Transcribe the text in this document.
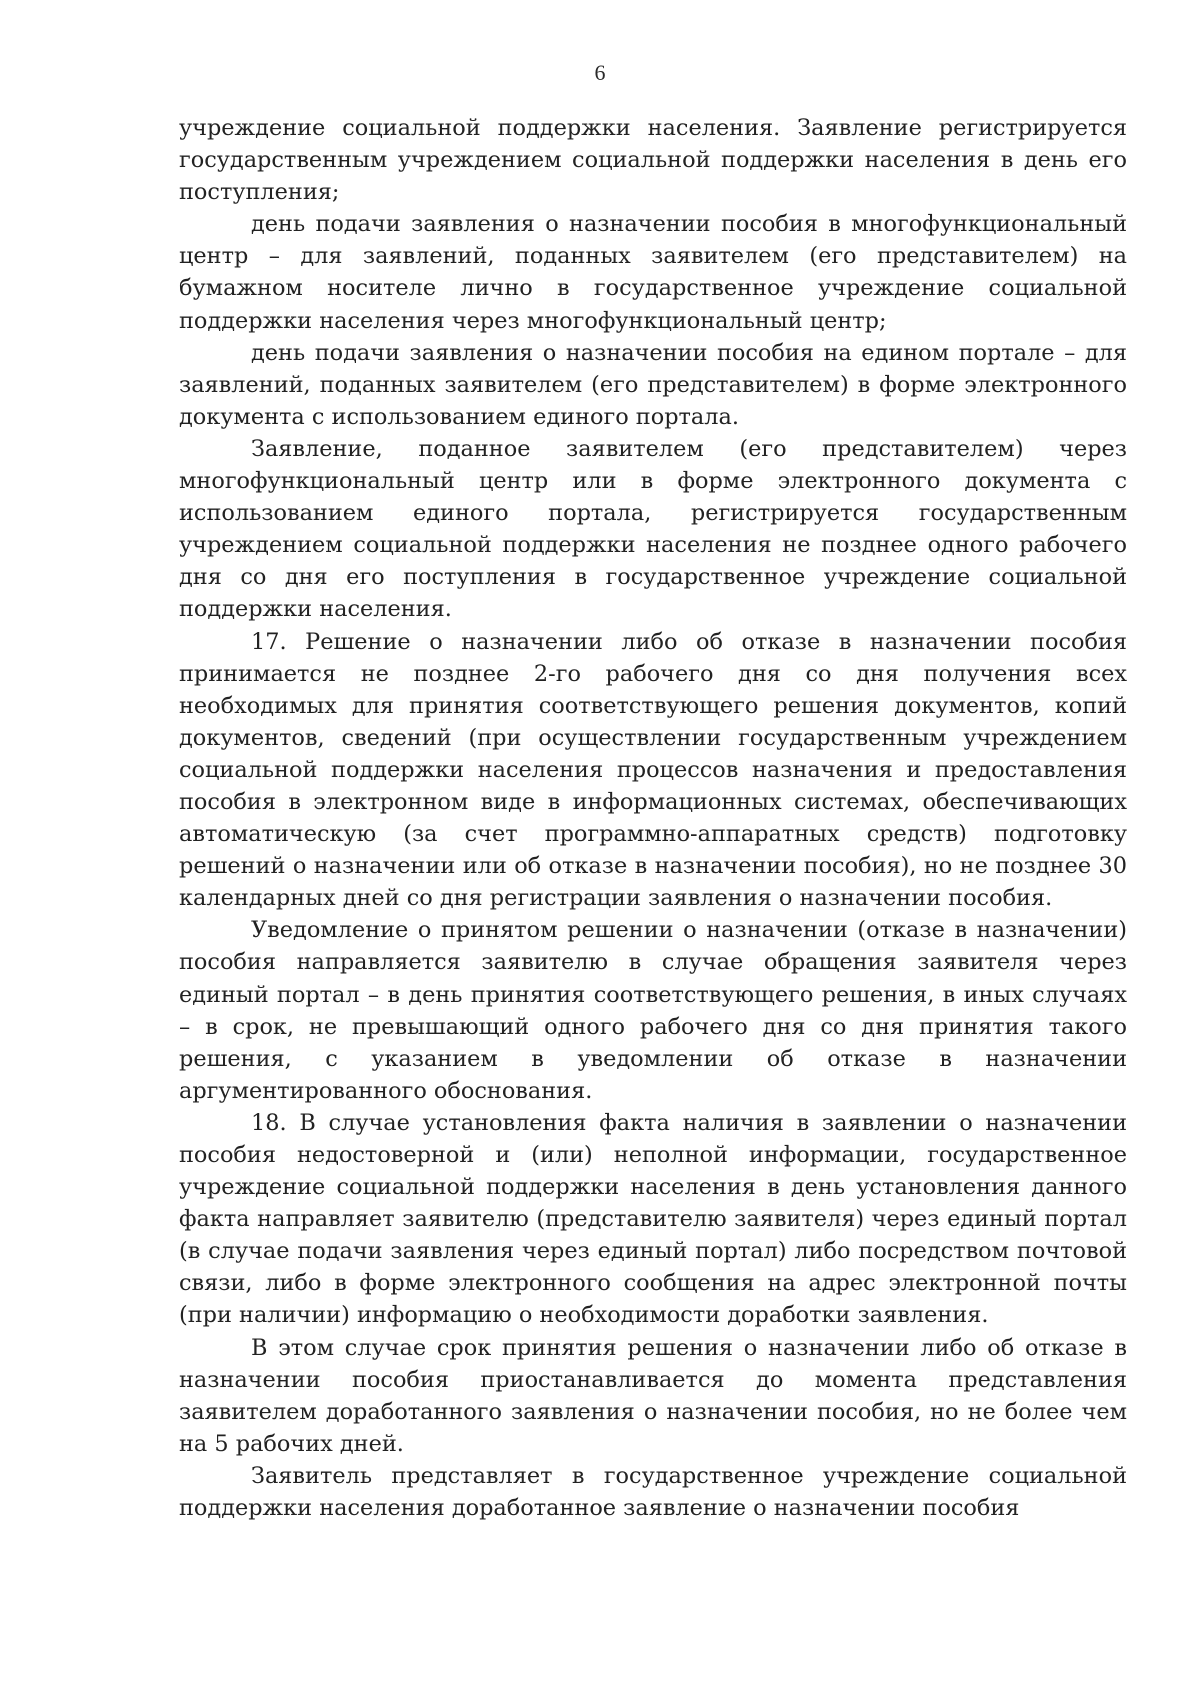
6

учреждение социальной поддержки населения. Заявление регистрируется государственным учреждением социальной поддержки населения в день его поступления;

день подачи заявления о назначении пособия в многофункциональный центр – для заявлений, поданных заявителем (его представителем) на бумажном носителе лично в государственное учреждение социальной поддержки населения через многофункциональный центр;

день подачи заявления о назначении пособия на едином портале – для заявлений, поданных заявителем (его представителем) в форме электронного документа с использованием единого портала.

Заявление, поданное заявителем (его представителем) через многофункциональный центр или в форме электронного документа с использованием единого портала, регистрируется государственным учреждением социальной поддержки населения не позднее одного рабочего дня со дня его поступления в государственное учреждение социальной поддержки населения.

17. Решение о назначении либо об отказе в назначении пособия принимается не позднее 2-го рабочего дня со дня получения всех необходимых для принятия соответствующего решения документов, копий документов, сведений (при осуществлении государственным учреждением социальной поддержки населения процессов назначения и предоставления пособия в электронном виде в информационных системах, обеспечивающих автоматическую (за счет программно-аппаратных средств) подготовку решений о назначении или об отказе в назначении пособия), но не позднее 30 календарных дней со дня регистрации заявления о назначении пособия.

Уведомление о принятом решении о назначении (отказе в назначении) пособия направляется заявителю в случае обращения заявителя через единый портал – в день принятия соответствующего решения, в иных случаях – в срок, не превышающий одного рабочего дня со дня принятия такого решения, с указанием в уведомлении об отказе в назначении аргументированного обоснования.

18. В случае установления факта наличия в заявлении о назначении пособия недостоверной и (или) неполной информации, государственное учреждение социальной поддержки населения в день установления данного факта направляет заявителю (представителю заявителя) через единый портал (в случае подачи заявления через единый портал) либо посредством почтовой связи, либо в форме электронного сообщения на адрес электронной почты (при наличии) информацию о необходимости доработки заявления.

В этом случае срок принятия решения о назначении либо об отказе в назначении пособия приостанавливается до момента представления заявителем доработанного заявления о назначении пособия, но не более чем на 5 рабочих дней.

Заявитель представляет в государственное учреждение социальной поддержки населения доработанное заявление о назначении пособия
